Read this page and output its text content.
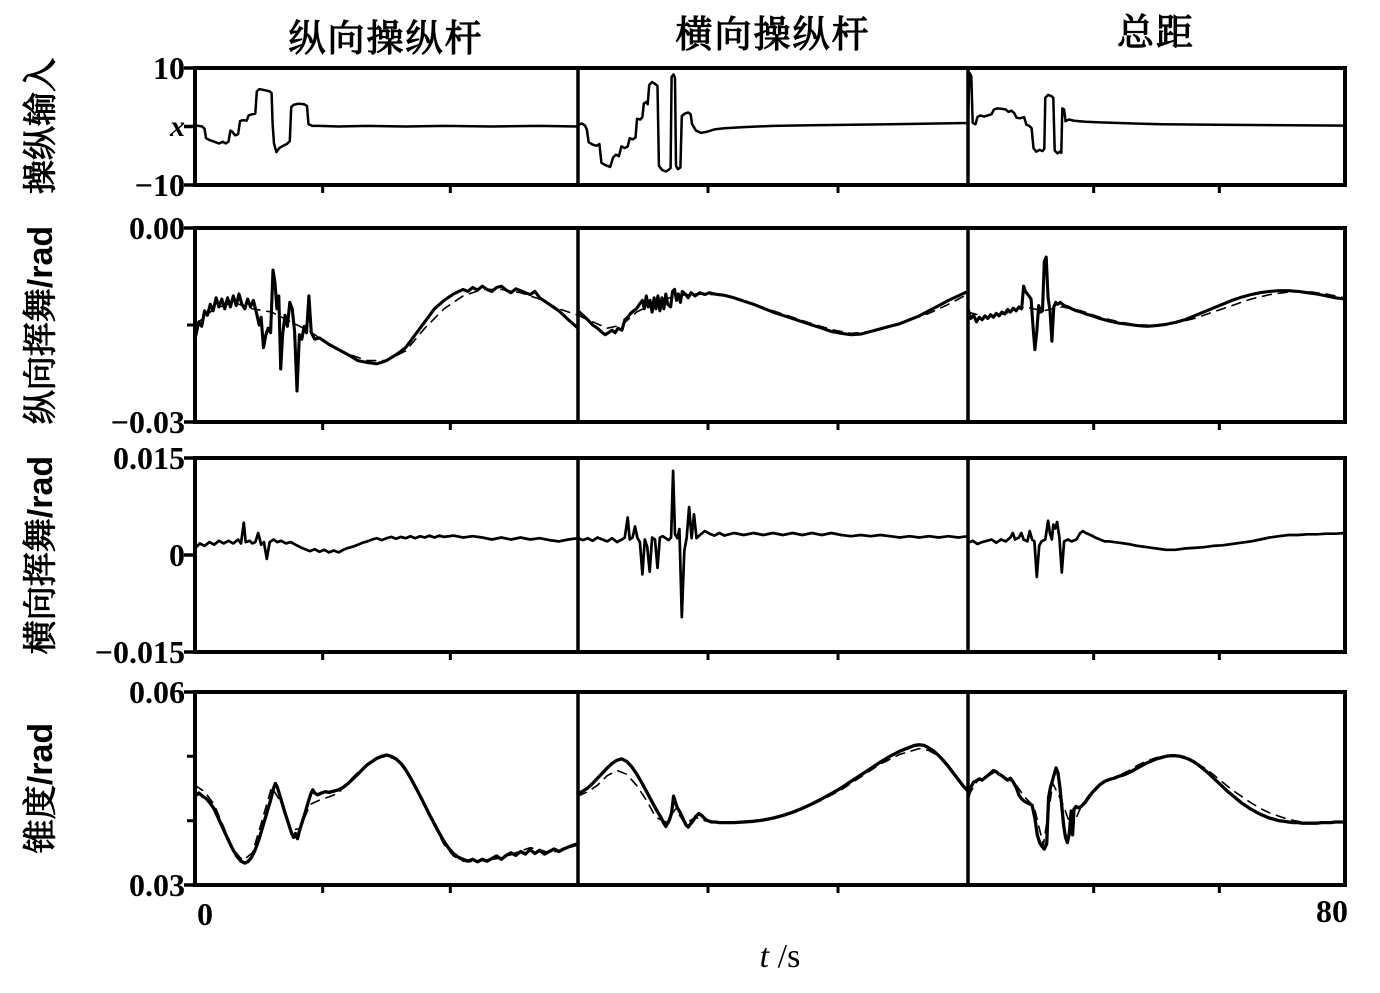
纵向操纵杆	横向操纵杆	总距
操纵输入
纵向挥舞/rad
横向挥舞/rad
锥度/rad
10
x
−10
0.00
−0.03
0.015
0
−0.015
0.06
0.03
0	80
t /s
